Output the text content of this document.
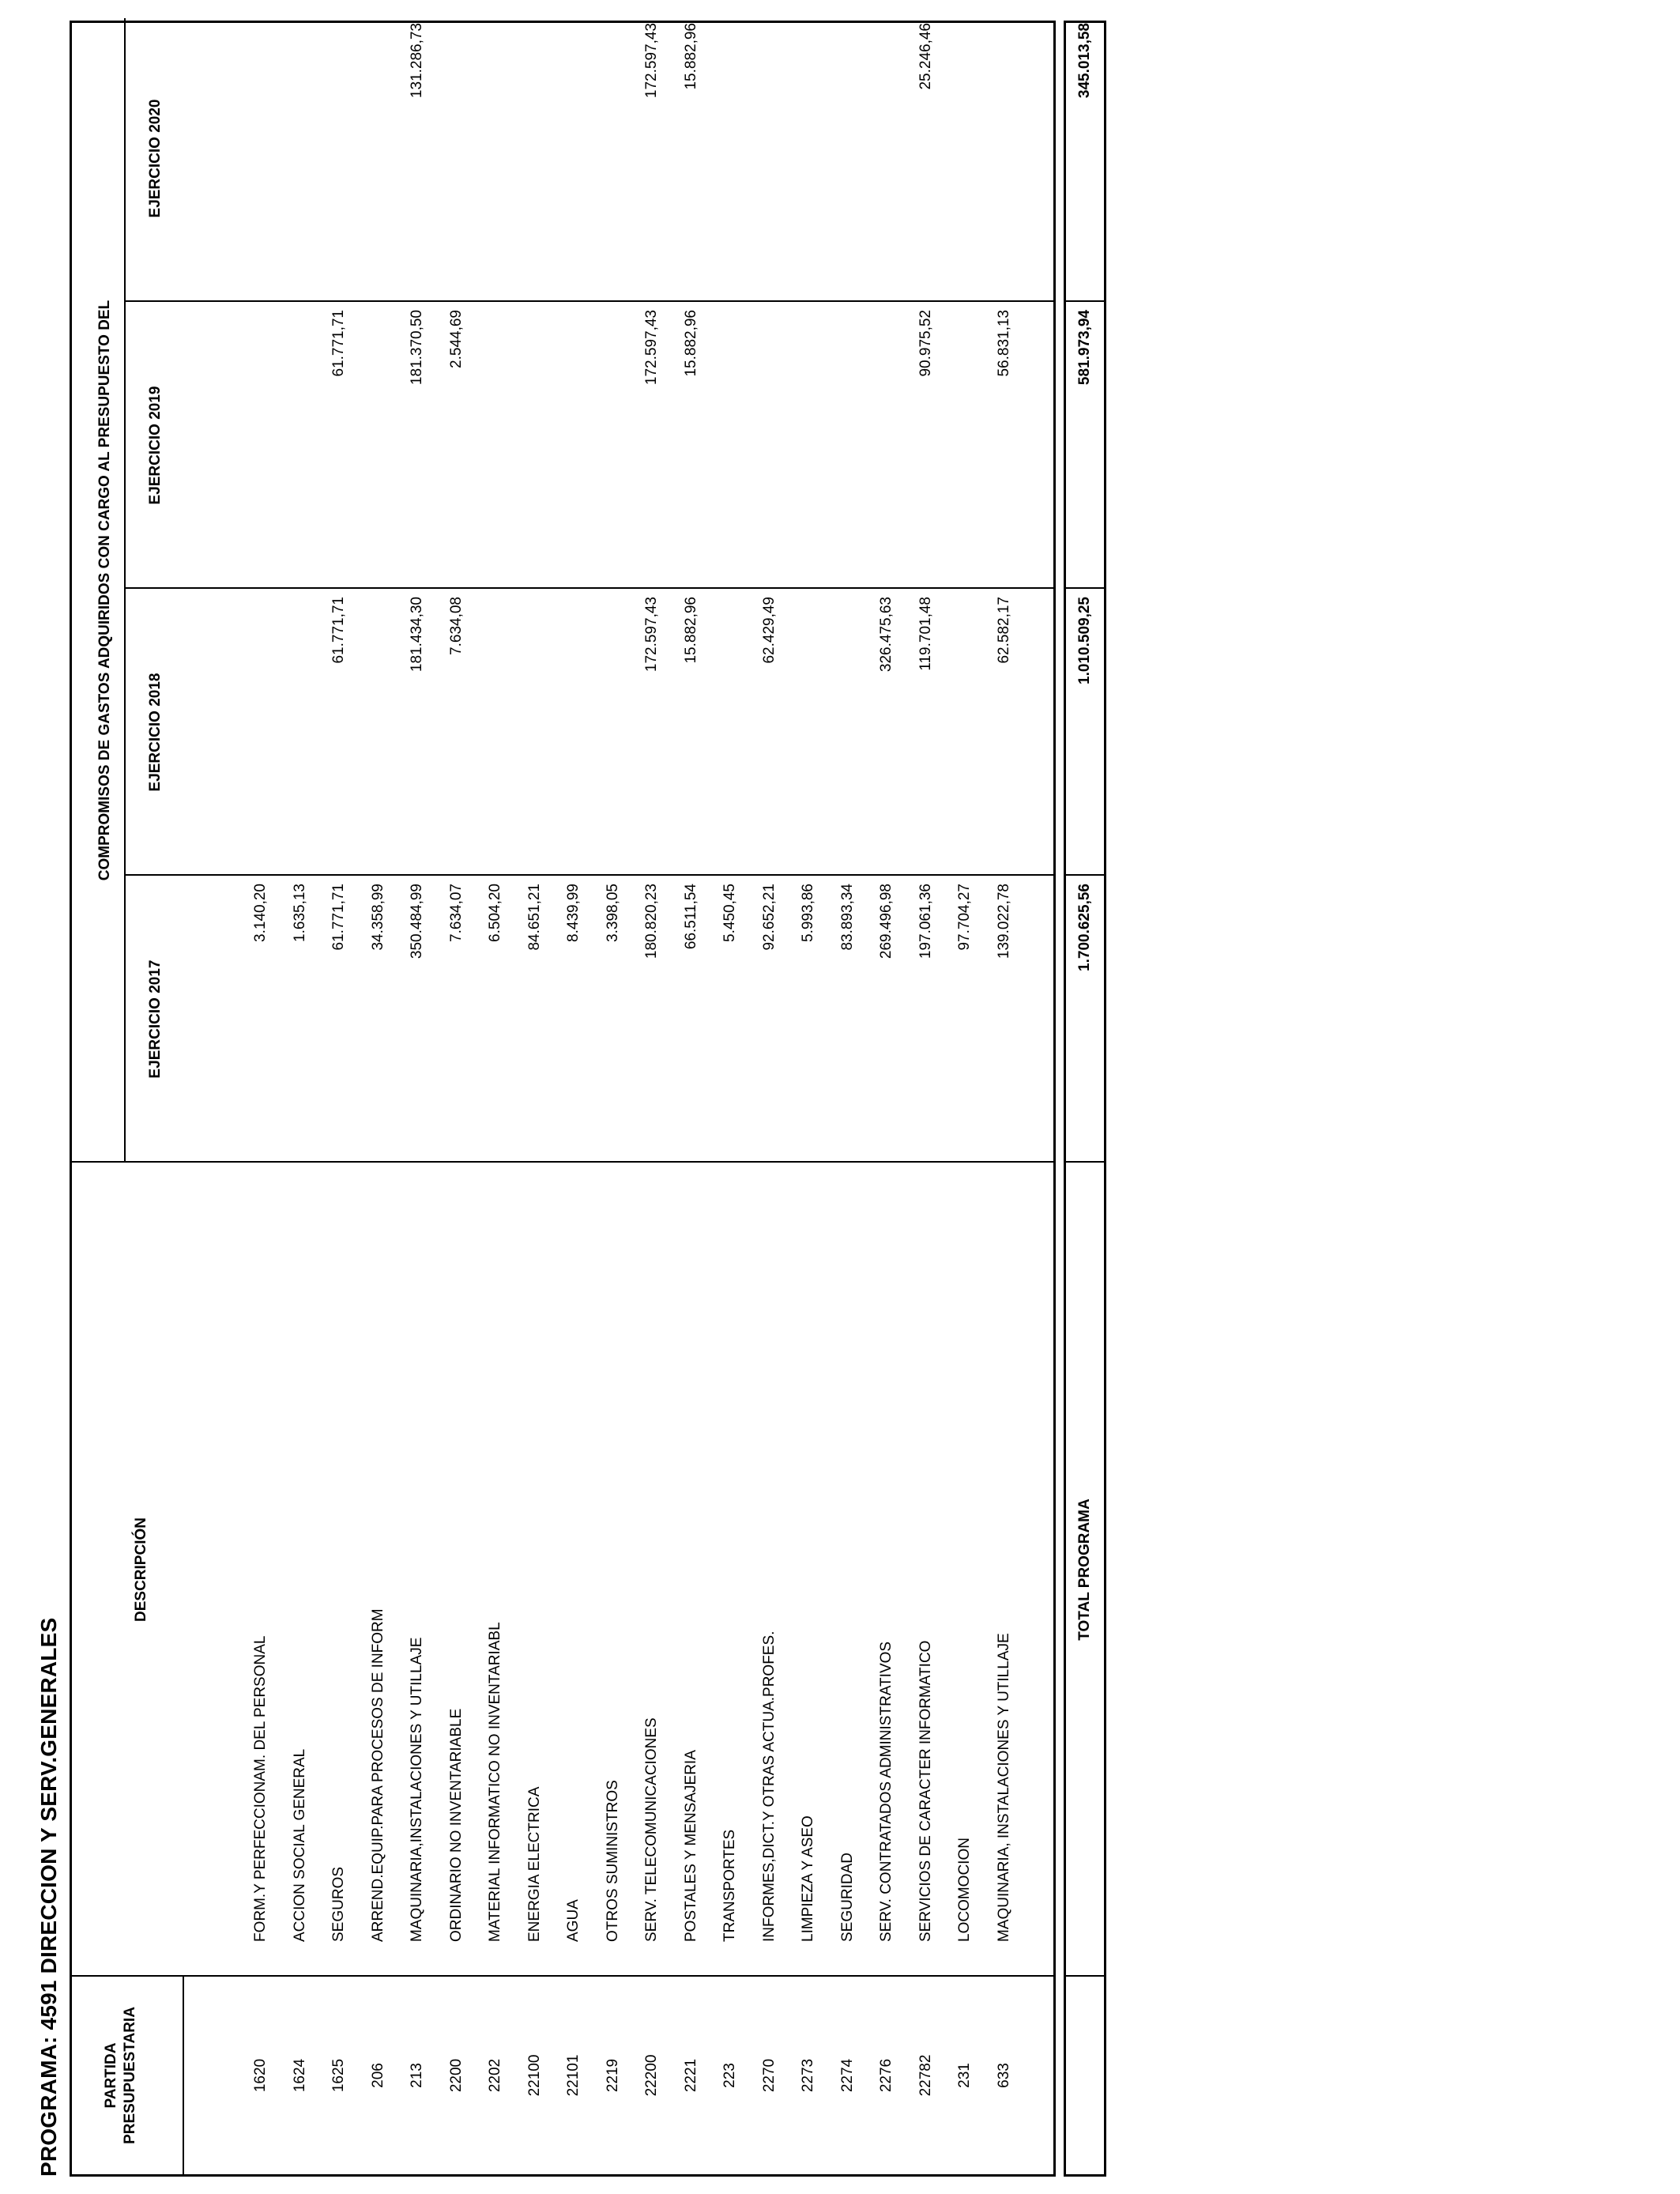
PROGRAMA: 4591 DIRECCION Y SERV.GENERALES	PARTIDA PRESUPUESTARIA
DESCRIPCIÓN
COMPROMISOS DE GASTOS ADQUIRIDOS CON CARGO AL PRESUPUESTO DEL
EJERCICIO 2017
EJERCICIO 2018
EJERCICIO 2019
EJERCICIO 2020
1620
FORM.Y PERFECCIONAM. DEL PERSONAL
3.140,20
1624
ACCION SOCIAL GENERAL
1.635,13
1625
SEGUROS
61.771,71
61.771,71
61.771,71
206
ARREND.EQUIP.PARA PROCESOS DE INFORM
34.358,99
213
MAQUINARIA,INSTALACIONES Y UTILLAJE
350.484,99
181.434,30
181.370,50
131.286,73
2200
ORDINARIO NO INVENTARIABLE
7.634,07
7.634,08
2.544,69
2202
MATERIAL INFORMATICO NO INVENTARIABL
6.504,20
22100
ENERGIA ELECTRICA
84.651,21
22101
AGUA
8.439,99
2219
OTROS SUMINISTROS
3.398,05
22200
SERV. TELECOMUNICACIONES
180.820,23
172.597,43
172.597,43
172.597,43
2221
POSTALES Y MENSAJERIA
66.511,54
15.882,96
15.882,96
15.882,96
223
TRANSPORTES
5.450,45
2270
INFORMES,DICT.Y OTRAS ACTUA.PROFES.
92.652,21
62.429,49
2273
LIMPIEZA Y ASEO
5.993,86
2274
SEGURIDAD
83.893,34
2276
SERV. CONTRATADOS ADMINISTRATIVOS
269.496,98
326.475,63
22782
SERVICIOS DE CARACTER INFORMATICO
197.061,36
119.701,48
90.975,52
25.246,46
231
LOCOMOCION
97.704,27
633
MAQUINARIA, INSTALACIONES Y UTILLAJE
139.022,78
62.582,17
56.831,13
TOTAL PROGRAMA
1.700.625,56
1.010.509,25
581.973,94
345.013,58
